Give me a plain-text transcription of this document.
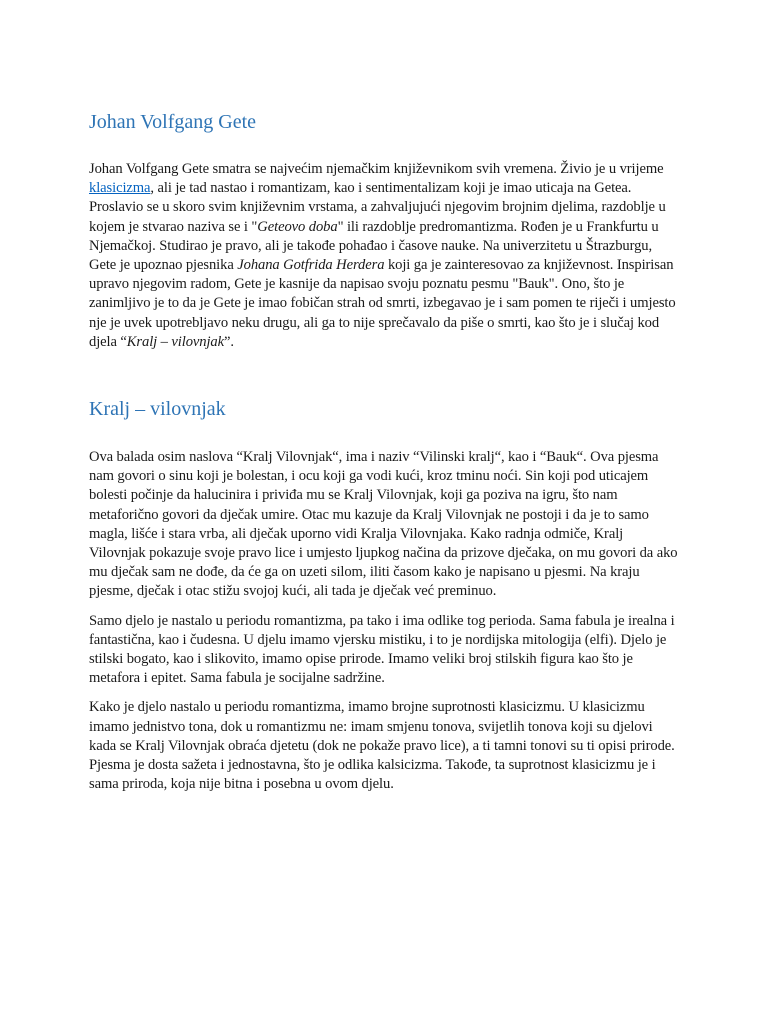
Johan Volfgang Gete

Johan Volfgang Gete smatra se najvećim njemačkim književnikom svih vremena. Živio je u vrijeme klasicizma, ali je tad nastao i romantizam, kao i sentimentalizam koji je imao uticaja na Getea. Proslavio se u skoro svim književnim vrstama, a zahvaljujući njegovim brojnim djelima, razdoblje u kojem je stvarao naziva se i "Geteovo doba" ili razdoblje predromantizma. Rođen je u Frankfurtu u Njemačkoj. Studirao je pravo, ali je takođe pohađao i časove nauke. Na univerzitetu u Štrazburgu, Gete je upoznao pjesnika Johana Gotfrida Herdera koji ga je zainteresovao za književnost. Inspirisan upravo njegovim radom, Gete je kasnije da napisao svoju poznatu pesmu "Bauk". Ono, što je zanimljivo je to da je Gete je imao fobičan strah od smrti, izbegavao je i sam pomen te riječi i umjesto nje je uvek upotrebljavo neku drugu, ali ga to nije sprečavalo da piše o smrti, kao što je i slučaj kod djela “Kralj – vilovnjak”.

Kralj – vilovnjak

Ova balada osim naslova “Kralj Vilovnjak“, ima i naziv “Vilinski kralj“, kao i “Bauk“. Ova pjesma nam govori o sinu koji je bolestan, i ocu koji ga vodi kući, kroz tminu noći. Sin koji pod uticajem bolesti počinje da halucinira i priviđa mu se Kralj Vilovnjak, koji ga poziva na igru, što nam metaforično govori da dječak umire. Otac mu kazuje da Kralj Vilovnjak ne postoji i da je to samo magla, lišće i stara vrba, ali dječak uporno vidi Kralja Vilovnjaka. Kako radnja odmiče, Kralj Vilovnjak pokazuje svoje pravo lice i umjesto ljupkog načina da prizove dječaka, on mu govori da ako mu dječak sam ne dođe, da će ga on uzeti silom, iliti časom kako je napisano u pjesmi. Na kraju pjesme, dječak i otac stižu svojoj kući, ali tada je dječak već preminuo.

Samo djelo je nastalo u periodu romantizma, pa tako i ima odlike tog perioda. Sama fabula je irealna i fantastična, kao i čudesna. U djelu imamo vjersku mistiku, i to je nordijska mitologija (elfi). Djelo je stilski bogato, kao i slikovito, imamo opise prirode. Imamo veliki broj stilskih figura kao što je metafora i epitet. Sama fabula je socijalne sadržine.

Kako je djelo nastalo u periodu romantizma, imamo brojne suprotnosti klasicizmu. U klasicizmu imamo jednistvo tona, dok u romantizmu ne: imam smjenu tonova, svijetlih tonova koji su djelovi kada se Kralj Vilovnjak obraća djetetu (dok ne pokaže pravo lice), a ti tamni tonovi su ti opisi prirode. Pjesma je dosta sažeta i jednostavna, što je odlika kalsicizma. Takođe, ta suprotnost klasicizmu je i sama priroda, koja nije bitna i posebna u ovom djelu.
